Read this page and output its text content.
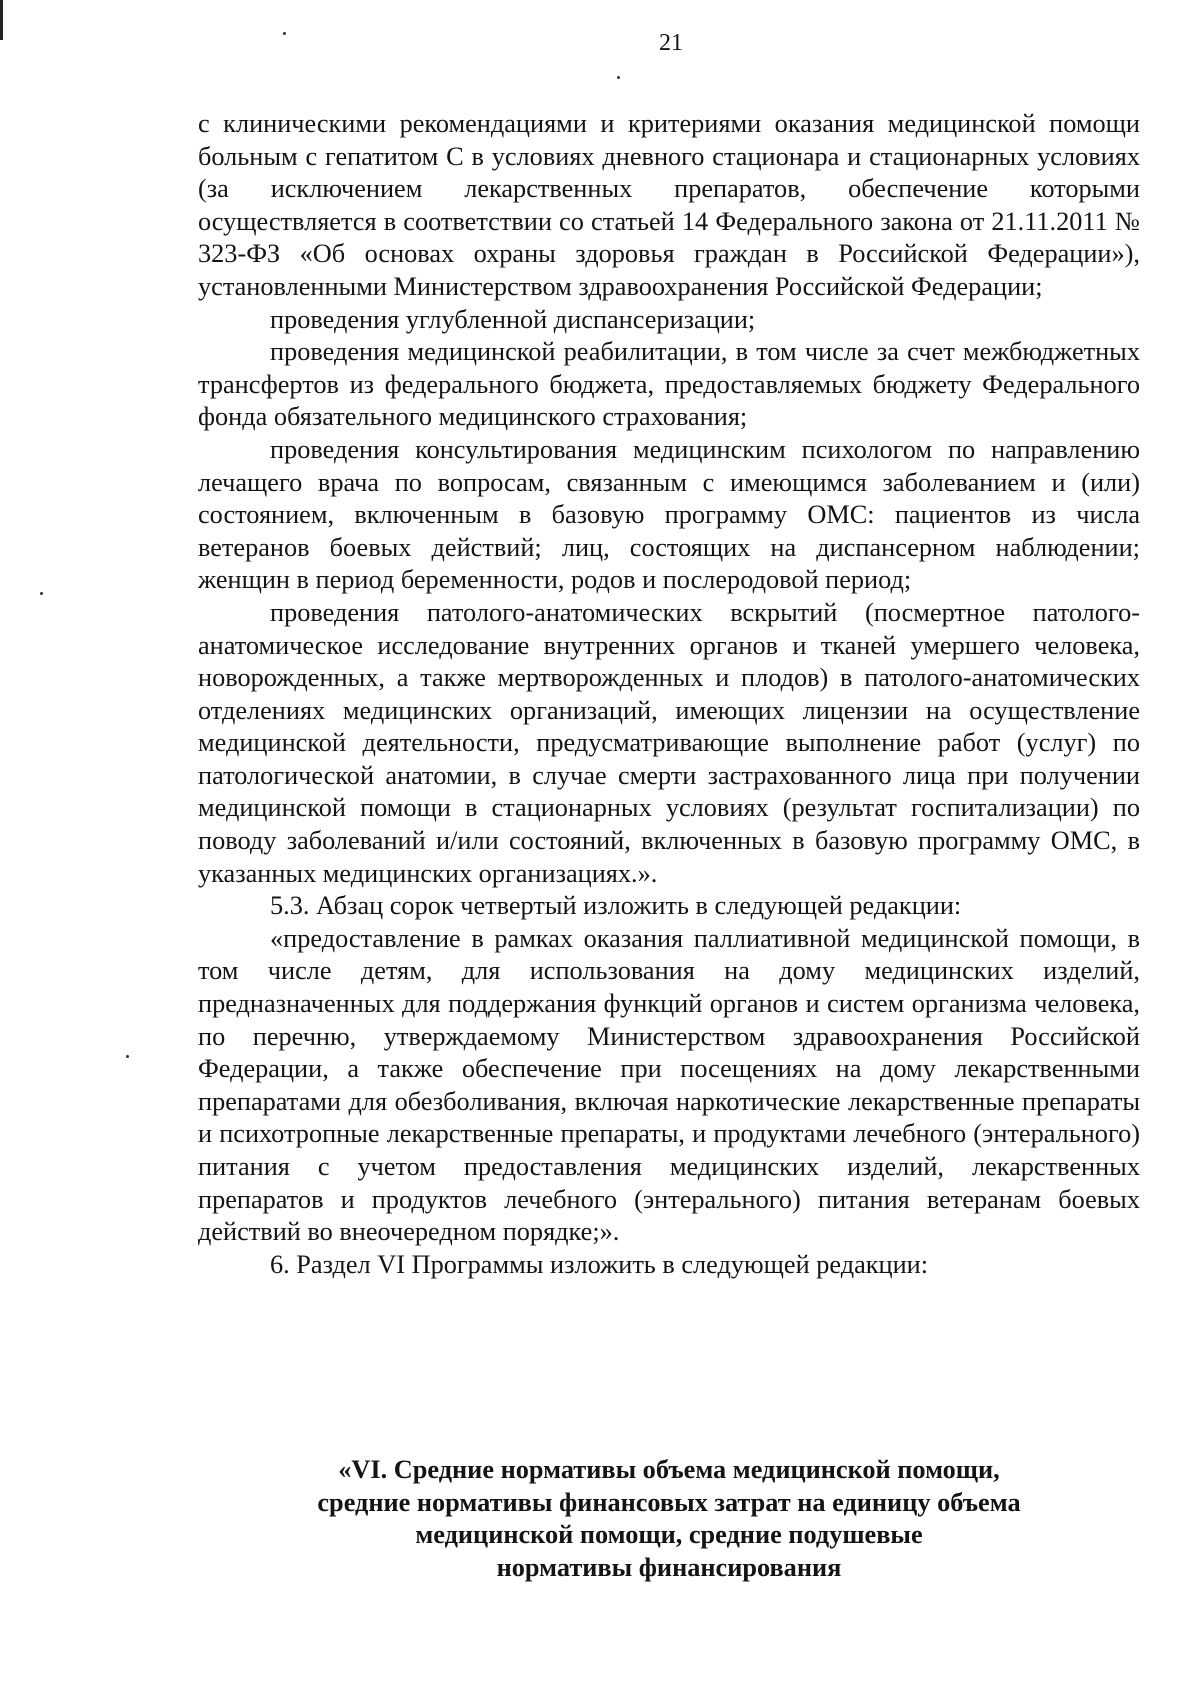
21

с клиническими рекомендациями и критериями оказания медицинской помощи больным с гепатитом С в условиях дневного стационара и стационарных условиях (за исключением лекарственных препаратов, обеспечение которыми осуществляется в соответствии со статьей 14 Федерального закона от 21.11.2011 № 323-ФЗ «Об основах охраны здоровья граждан в Российской Федерации»), установленными Министерством здравоохранения Российской Федерации;

проведения углубленной диспансеризации;

проведения медицинской реабилитации, в том числе за счет межбюджетных трансфертов из федерального бюджета, предоставляемых бюджету Федерального фонда обязательного медицинского страхования;

проведения консультирования медицинским психологом по направлению лечащего врача по вопросам, связанным с имеющимся заболеванием и (или) состоянием, включенным в базовую программу ОМС: пациентов из числа ветеранов боевых действий; лиц, состоящих на диспансерном наблюдении; женщин в период беременности, родов и послеродовой период;

проведения патолого-анатомических вскрытий (посмертное патолого-анатомическое исследование внутренних органов и тканей умершего человека, новорожденных, а также мертворожденных и плодов) в патолого-анатомических отделениях медицинских организаций, имеющих лицензии на осуществление медицинской деятельности, предусматривающие выполнение работ (услуг) по патологической анатомии, в случае смерти застрахованного лица при получении медицинской помощи в стационарных условиях (результат госпитализации) по поводу заболеваний и/или состояний, включенных в базовую программу ОМС, в указанных медицинских организациях.».

5.3. Абзац сорок четвертый изложить в следующей редакции:

«предоставление в рамках оказания паллиативной медицинской помощи, в том числе детям, для использования на дому медицинских изделий, предназначенных для поддержания функций органов и систем организма человека, по перечню, утверждаемому Министерством здравоохранения Российской Федерации, а также обеспечение при посещениях на дому лекарственными препаратами для обезболивания, включая наркотические лекарственные препараты и психотропные лекарственные препараты, и продуктами лечебного (энтерального) питания с учетом предоставления медицинских изделий, лекарственных препаратов и продуктов лечебного (энтерального) питания ветеранам боевых действий во внеочередном порядке;».

6. Раздел VI Программы изложить в следующей редакции:

«VI. Средние нормативы объема медицинской помощи,
средние нормативы финансовых затрат на единицу объема
медицинской помощи, средние подушевые
нормативы финансирования
